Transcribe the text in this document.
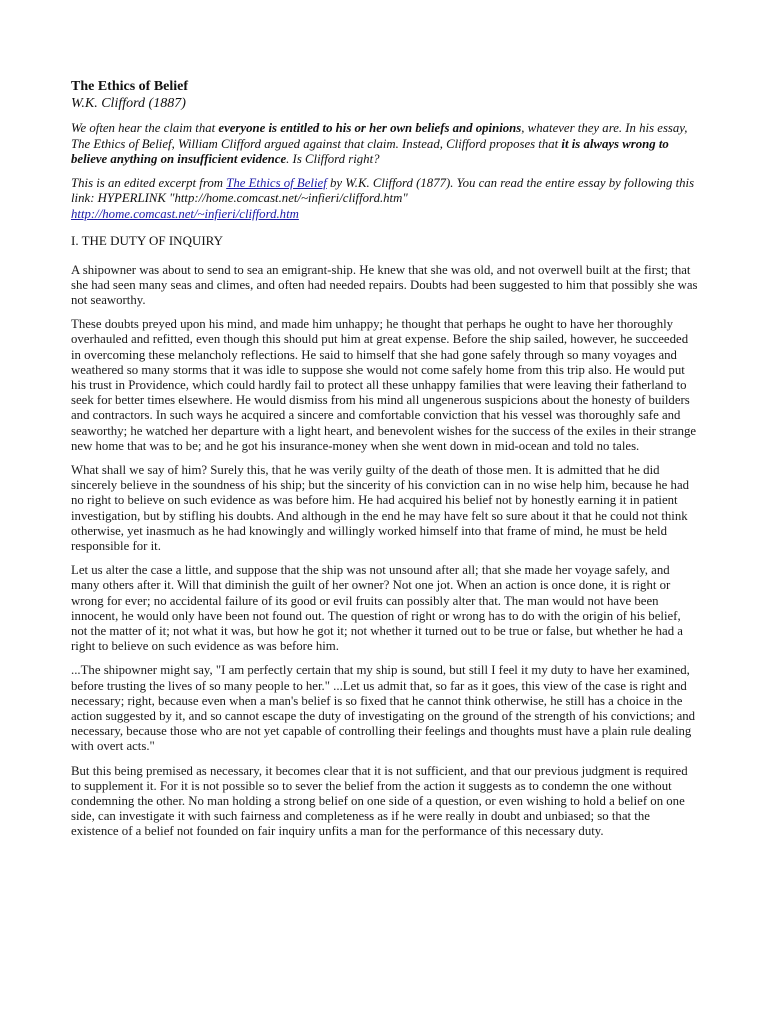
The Ethics of Belief
W.K. Clifford (1887)

We often hear the claim that everyone is entitled to his or her own beliefs and opinions, whatever they are. In his essay, The Ethics of Belief, William Clifford argued against that claim. Instead, Clifford proposes that it is always wrong to believe anything on insufficient evidence. Is Clifford right?

This is an edited excerpt from The Ethics of Belief by W.K. Clifford (1877). You can read the entire essay by following this link: HYPERLINK "http://home.comcast.net/~infieri/clifford.htm"
http://home.comcast.net/~infieri/clifford.htm

I. THE DUTY OF INQUIRY

A shipowner was about to send to sea an emigrant-ship. He knew that she was old, and not overwell built at the first; that she had seen many seas and climes, and often had needed repairs. Doubts had been suggested to him that possibly she was not seaworthy.

These doubts preyed upon his mind, and made him unhappy; he thought that perhaps he ought to have her thoroughly overhauled and refitted, even though this should put him at great expense. Before the ship sailed, however, he succeeded in overcoming these melancholy reflections. He said to himself that she had gone safely through so many voyages and weathered so many storms that it was idle to suppose she would not come safely home from this trip also. He would put his trust in Providence, which could hardly fail to protect all these unhappy families that were leaving their fatherland to seek for better times elsewhere. He would dismiss from his mind all ungenerous suspicions about the honesty of builders and contractors. In such ways he acquired a sincere and comfortable conviction that his vessel was thoroughly safe and seaworthy; he watched her departure with a light heart, and benevolent wishes for the success of the exiles in their strange new home that was to be; and he got his insurance-money when she went down in mid-ocean and told no tales.

What shall we say of him? Surely this, that he was verily guilty of the death of those men. It is admitted that he did sincerely believe in the soundness of his ship; but the sincerity of his conviction can in no wise help him, because he had no right to believe on such evidence as was before him. He had acquired his belief not by honestly earning it in patient investigation, but by stifling his doubts. And although in the end he may have felt so sure about it that he could not think otherwise, yet inasmuch as he had knowingly and willingly worked himself into that frame of mind, he must be held responsible for it.

Let us alter the case a little, and suppose that the ship was not unsound after all; that she made her voyage safely, and many others after it. Will that diminish the guilt of her owner? Not one jot. When an action is once done, it is right or wrong for ever; no accidental failure of its good or evil fruits can possibly alter that. The man would not have been innocent, he would only have been not found out. The question of right or wrong has to do with the origin of his belief, not the matter of it; not what it was, but how he got it; not whether it turned out to be true or false, but whether he had a right to believe on such evidence as was before him.

...The shipowner might say, "I am perfectly certain that my ship is sound, but still I feel it my duty to have her examined, before trusting the lives of so many people to her." ...Let us admit that, so far as it goes, this view of the case is right and necessary; right, because even when a man's belief is so fixed that he cannot think otherwise, he still has a choice in the action suggested by it, and so cannot escape the duty of investigating on the ground of the strength of his convictions; and necessary, because those who are not yet capable of controlling their feelings and thoughts must have a plain rule dealing with overt acts."

But this being premised as necessary, it becomes clear that it is not sufficient, and that our previous judgment is required to supplement it. For it is not possible so to sever the belief from the action it suggests as to condemn the one without condemning the other. No man holding a strong belief on one side of a question, or even wishing to hold a belief on one side, can investigate it with such fairness and completeness as if he were really in doubt and unbiased; so that the existence of a belief not founded on fair inquiry unfits a man for the performance of this necessary duty.
